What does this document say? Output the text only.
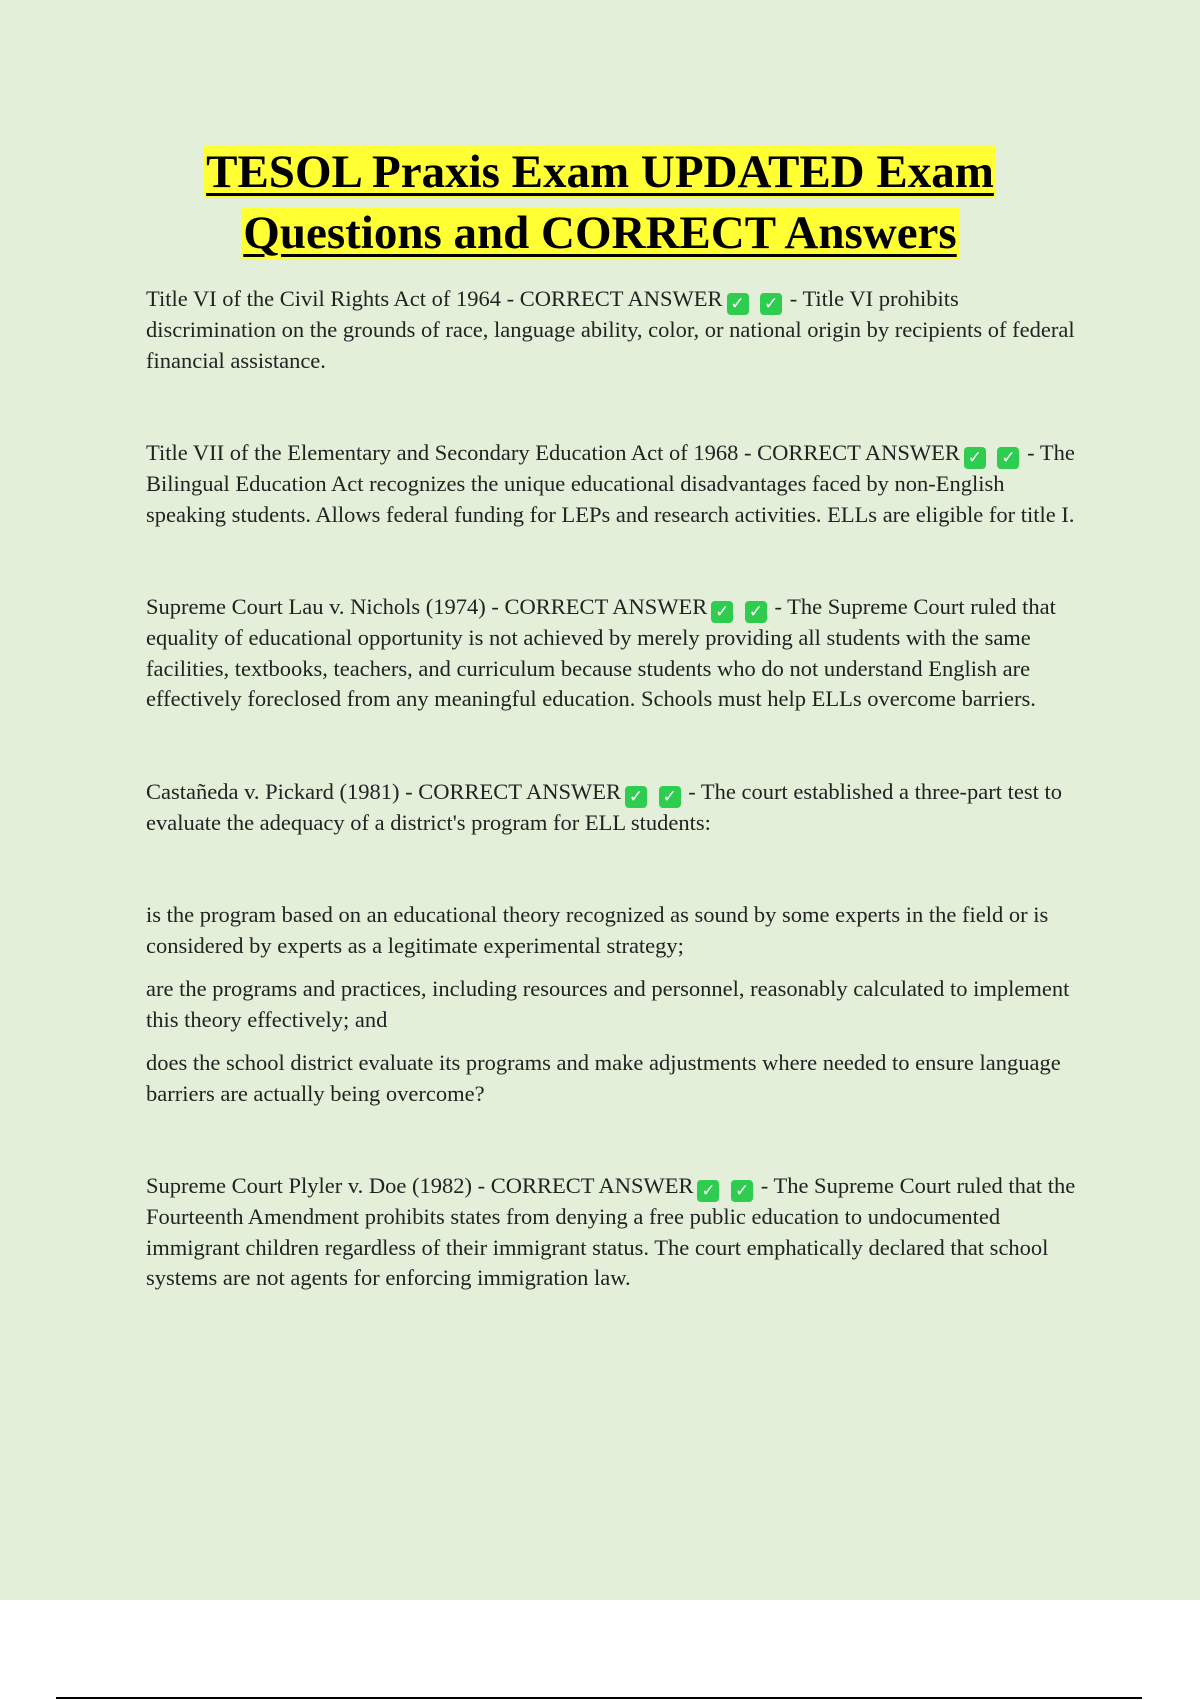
TESOL Praxis Exam UPDATED Exam
Questions and CORRECT Answers

Title VI of the Civil Rights Act of 1964 - CORRECT ANSWER ✓ ✓ - Title VI prohibits discrimination on the grounds of race, language ability, color, or national origin by recipients of federal financial assistance.

Title VII of the Elementary and Secondary Education Act of 1968 - CORRECT ANSWER ✓ ✓ - The Bilingual Education Act recognizes the unique educational disadvantages faced by non-English speaking students. Allows federal funding for LEPs and research activities. ELLs are eligible for title I.

Supreme Court Lau v. Nichols (1974) - CORRECT ANSWER ✓ ✓ - The Supreme Court ruled that equality of educational opportunity is not achieved by merely providing all students with the same facilities, textbooks, teachers, and curriculum because students who do not understand English are effectively foreclosed from any meaningful education. Schools must help ELLs overcome barriers.

Castañeda v. Pickard (1981) - CORRECT ANSWER ✓ ✓ - The court established a three-part test to evaluate the adequacy of a district's program for ELL students:

is the program based on an educational theory recognized as sound by some experts in the field or is considered by experts as a legitimate experimental strategy;

are the programs and practices, including resources and personnel, reasonably calculated to implement this theory effectively; and

does the school district evaluate its programs and make adjustments where needed to ensure language barriers are actually being overcome?

Supreme Court Plyler v. Doe (1982) - CORRECT ANSWER ✓ ✓ - The Supreme Court ruled that the Fourteenth Amendment prohibits states from denying a free public education to undocumented immigrant children regardless of their immigrant status. The court emphatically declared that school systems are not agents for enforcing immigration law.
